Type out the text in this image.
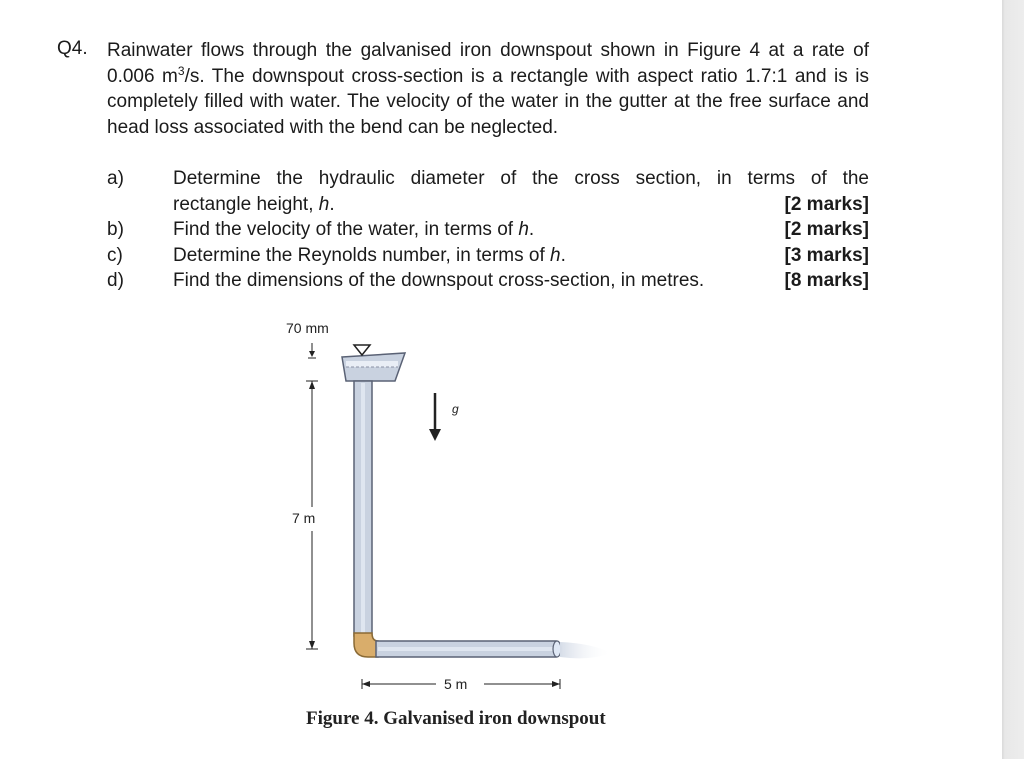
Q4. Rainwater flows through the galvanised iron downspout shown in Figure 4 at a rate of 0.006 $m^3/s$. The downspout cross-section is a rectangle with aspect ratio 1.7:1 and is is completely filled with water. The velocity of the water in the gutter at the free surface and head loss associated with the bend can be neglected.
a)	Determine the hydraulic diameter of the cross section, in terms of the
rectangle height, h.	[2 marks]
b)	Find the velocity of the water, in terms of h.	[2 marks]
c)	Determine the Reynolds number, in terms of h.	[3 marks]
d)	Find the dimensions of the downspout cross-section, in metres.	[8 marks]
70 mm
7 m
g
5 m
Figure 4. Galvanised iron downspout
